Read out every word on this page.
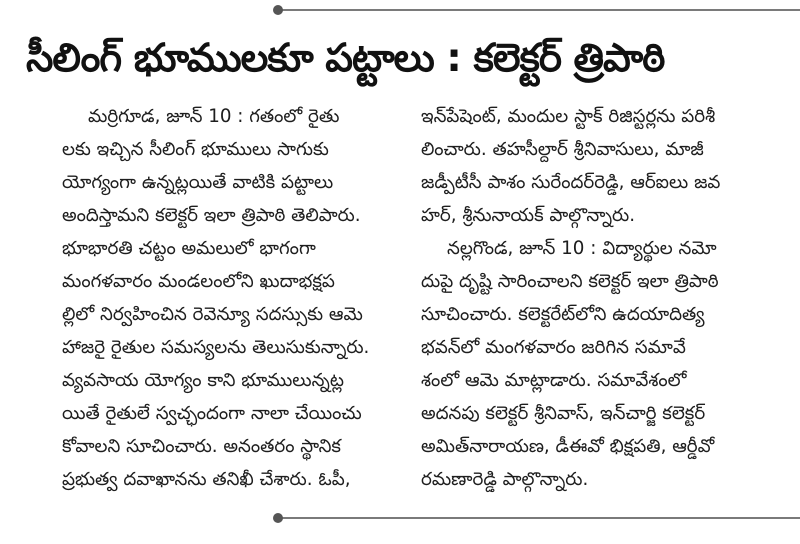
సీలింగ్ భూములకూ పట్టాలు : కలెక్టర్ త్రిపాఠి
మర్రిగూడ, జూన్ 10 : గతంలో రైతు
లకు ఇచ్చిన సీలింగ్ భూములు సాగుకు
యోగ్యంగా ఉన్నట్లయితే వాటికి పట్టాలు
అందిస్తామని కలెక్టర్ ఇలా త్రిపాఠి తెలిపారు.
భూభారతి చట్టం అమలులో భాగంగా
మంగళవారం మండలంలోని ఖుదాభక్షప
ల్లిలో నిర్వహించిన రెవెన్యూ సదస్సుకు ఆమె
హాజరై రైతుల సమస్యలను తెలుసుకున్నారు.
వ్యవసాయ యోగ్యం కాని భూములున్నట్ల
యితే రైతులే స్వచ్ఛందంగా నాలా చేయించు
కోవాలని సూచించారు. అనంతరం స్థానిక
ప్రభుత్వ దవాఖానను తనిఖీ చేశారు. ఓపీ,
ఇన్‌పేషెంట్, మందుల స్టాక్ రిజిస్టర్లను పరిశీ
లించారు. తహసీల్దార్ శ్రీనివాసులు, మాజీ
జడ్పీటీసీ పాశం సురేందర్‌రెడ్డి, ఆర్‌ఐలు జవ
హర్, శ్రీనునాయక్ పాల్గొన్నారు.
నల్లగొండ, జూన్ 10 : విద్యార్థుల నమో
దుపై దృష్టి సారించాలని కలెక్టర్ ఇలా త్రిపాఠి
సూచించారు. కలెక్టరేట్‌లోని ఉదయాదిత్య
భవన్‌లో మంగళవారం జరిగిన సమావే
శంలో ఆమె మాట్లాడారు. సమావేశంలో
అదనపు కలెక్టర్ శ్రీనివాస్, ఇన్‌చార్జి కలెక్టర్
అమిత్‌నారాయణ, డీఈవో భిక్షపతి, ఆర్డీవో
రమణారెడ్డి పాల్గొన్నారు.
